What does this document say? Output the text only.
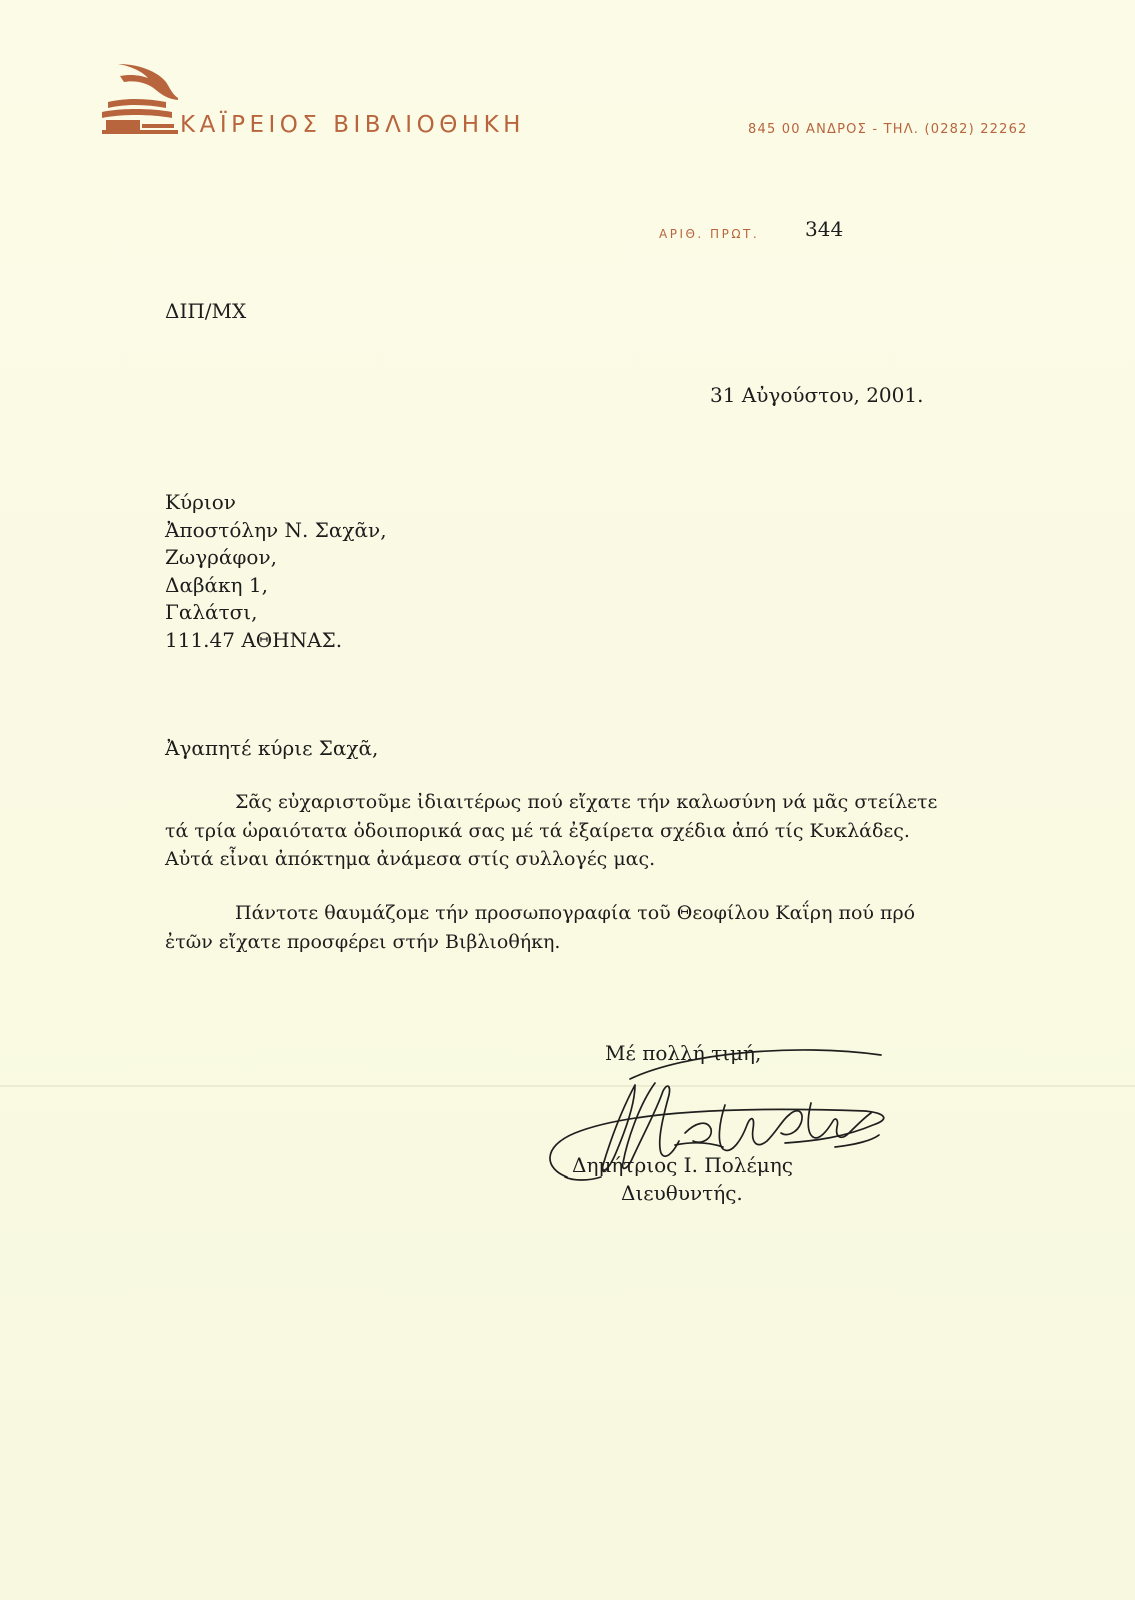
ΚΑΪΡΕΙΟΣ ΒΙΒΛΙΟΘΗΚΗ	845 00 ΑΝΔΡΟΣ - ΤΗΛ. (0282) 22262
ΑΡΙΘ. ΠΡΩΤ. 344
ΔΙΠ/ΜΧ
31 Αὐγούστου, 2001.
Κύριον
Ἀποστόλην Ν. Σαχᾶν,
Ζωγράφον,
Δαβάκη 1,
Γαλάτσι,
111.47 ΑΘΗΝΑΣ.
Ἀγαπητέ κύριε Σαχᾶ,
Σᾶς εὐχαριστοῦμε ἰδιαιτέρως πού εἴχατε τήν καλωσύνη νά μᾶς στείλετε
τά τρία ὡραιότατα ὁδοιπορικά σας μέ τά ἐξαίρετα σχέδια ἀπό τίς Κυκλάδες.
Αὐτά εἶναι ἀπόκτημα ἀνάμεσα στίς συλλογές μας.
Πάντοτε θαυμάζομε τήν προσωπογραφία τοῦ Θεοφίλου Καΐρη πού πρό
ἐτῶν εἴχατε προσφέρει στήν Βιβλιοθήκη.
Μέ πολλή τιμή,
Δημήτριος Ι. Πολέμης
Διευθυντής.
